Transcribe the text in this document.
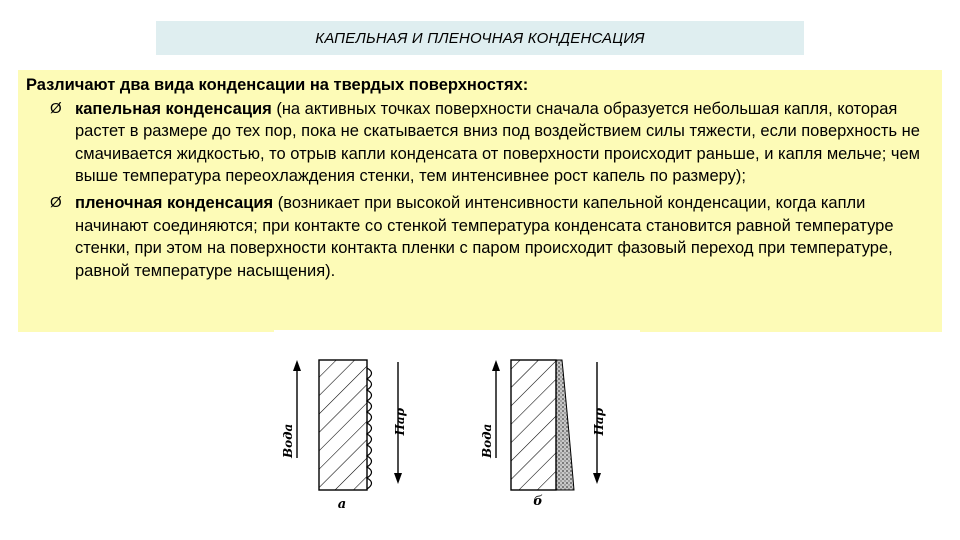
КАПЕЛЬНАЯ И ПЛЕНОЧНАЯ КОНДЕНСАЦИЯ
Различают два вида конденсации на твердых поверхностях:
Ø капельная конденсация (на активных точках поверхности сначала образуется небольшая капля, которая растет в размере до тех пор, пока не скатывается вниз под воздействием силы тяжести, если поверхность не смачивается жидкостью, то отрыв капли конденсата от поверхности происходит раньше, и капля мельче; чем выше температура переохлаждения стенки, тем интенсивнее рост капель по размеру);
Ø пленочная конденсация (возникает при высокой интенсивности капельной конденсации, когда капли начинают соединяются; при контакте со стенкой температура конденсата становится равной температуре стенки, при этом на поверхности контакта пленки с паром происходит фазовый переход при температуре, равной температуре насыщения).
Вода
Пар
а
Вода
Пар
б
